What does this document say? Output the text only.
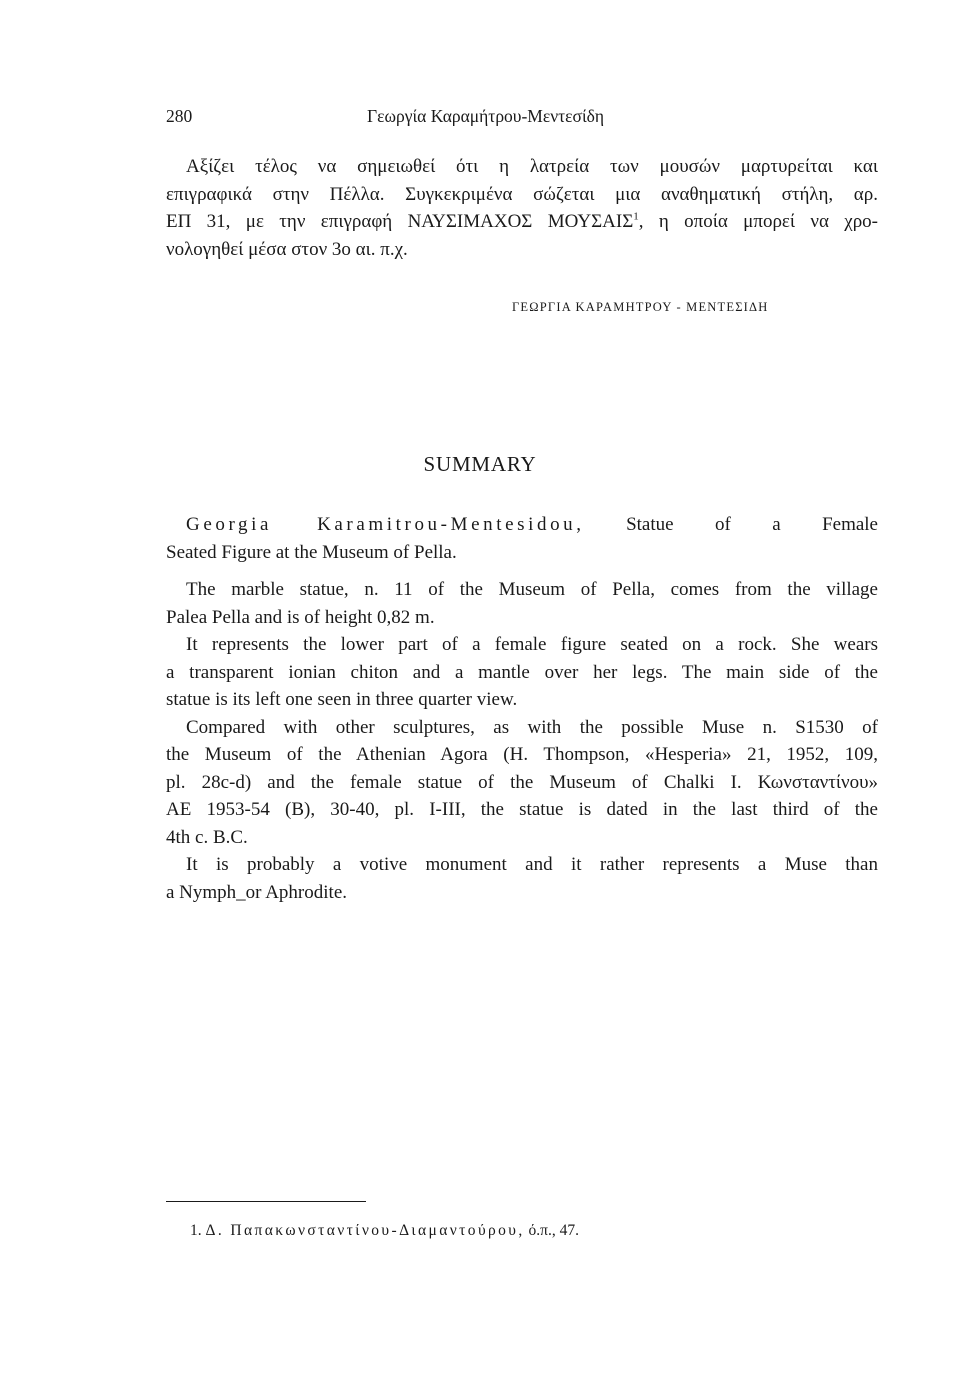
280	Γεωργία Καραμήτρου-Μεντεσίδη
Αξίζει τέλος να σημειωθεί ότι η λατρεία των μουσών μαρτυρείται και
επιγραφικά στην Πέλλα. Συγκεκριμένα σώζεται μια αναθηματική στήλη, αρ.
ΕΠ 31, με την επιγραφή ΝΑΥΣΙΜΑΧΟΣ ΜΟΥΣΑΙΣ$^1$, η οποία μπορεί να χρο-
νολογηθεί μέσα στον 3ο αι. π.χ.
ΓΕΩΡΓΙΑ ΚΑΡΑΜΗΤΡΟΥ - ΜΕΝΤΕΣΙΔΗ
SUMMARY
Georgia Karamitrou-Mentesidou, Statue of a Female
Seated Figure at the Museum of Pella.
The marble statue, n. 11 of the Museum of Pella, comes from the village
Palea Pella and is of height 0,82 m.
It represents the lower part of a female figure seated on a rock. She wears
a transparent ionian chiton and a mantle over her legs. The main side of the
statue is its left one seen in three quarter view.
Compared with other sculptures, as with the possible Muse n. S1530 of
the Museum of the Athenian Agora (H. Thompson, «Hesperia» 21, 1952, 109,
pl. 28c-d) and the female statue of the Museum of Chalki I. Κωνσταντίνου»
AE 1953-54 (B), 30-40, pl. I-III, the statue is dated in the last third of the
4th c. B.C.
It is probably a votive monument and it rather represents a Muse than
a Nymph_or Aphrodite.
1. Δ. Παπακωνσταντίνου-Διαμαντούρου, ό.π., 47.
